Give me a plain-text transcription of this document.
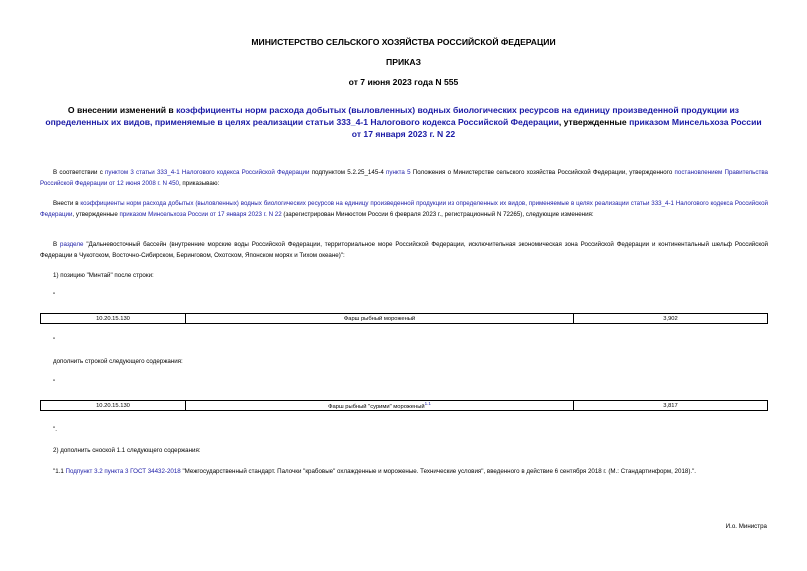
МИНИСТЕРСТВО СЕЛЬСКОГО ХОЗЯЙСТВА РОССИЙСКОЙ ФЕДЕРАЦИИ
ПРИКАЗ
от 7 июня 2023 года N 555
О внесении изменений в коэффициенты норм расхода добытых (выловленных) водных биологических ресурсов на единицу произведенной продукции из определенных их видов, применяемые в целях реализации статьи 333_4-1 Налогового кодекса Российской Федерации, утвержденные приказом Минсельхоза России от 17 января 2023 г. N 22
В соответствии с пунктом 3 статьи 333_4-1 Налогового кодекса Российской Федерации подпунктом 5.2.25_145-4 пункта 5 Положения о Министерстве сельского хозяйства Российской Федерации, утвержденного постановлением Правительства Российской Федерации от 12 июня 2008 г. N 450, приказываю:
Внести в коэффициенты норм расхода добытых (выловленных) водных биологических ресурсов на единицу произведенной продукции из определенных их видов, применяемые в целях реализации статьи 333_4-1 Налогового кодекса Российской Федерации, утвержденные приказом Минсельхоза России от 17 января 2023 г. N 22 (зарегистрирован Минюстом России 6 февраля 2023 г., регистрационный N 72265), следующие изменения:
В разделе "Дальневосточный бассейн (внутренние морские воды Российской Федерации, территориальное море Российской Федерации, исключительная экономическая зона Российской Федерации и континентальный шельф Российской Федерации в Чукотском, Восточно-Сибирском, Беринговом, Охотском, Японском морях и Тихом океане)":
1) позицию "Минтай" после строки:
"
10.20.15.130	Фарш рыбный мороженый	3,902
"
дополнить строкой следующего содержания:
"
10.20.15.130	Фарш рыбный "сурими" мороженый$^{1.1}$	3,817
".
2) дополнить сноской 1.1 следующего содержания:
"1.1 Подпункт 3.2 пункта 3 ГОСТ 34432-2018 "Межгосударственный стандарт. Палочки "крабовые" охлажденные и мороженые. Технические условия", введенного в действие 6 сентября 2018 г. (М.: Стандартинформ, 2018).".
И.о. Министра
